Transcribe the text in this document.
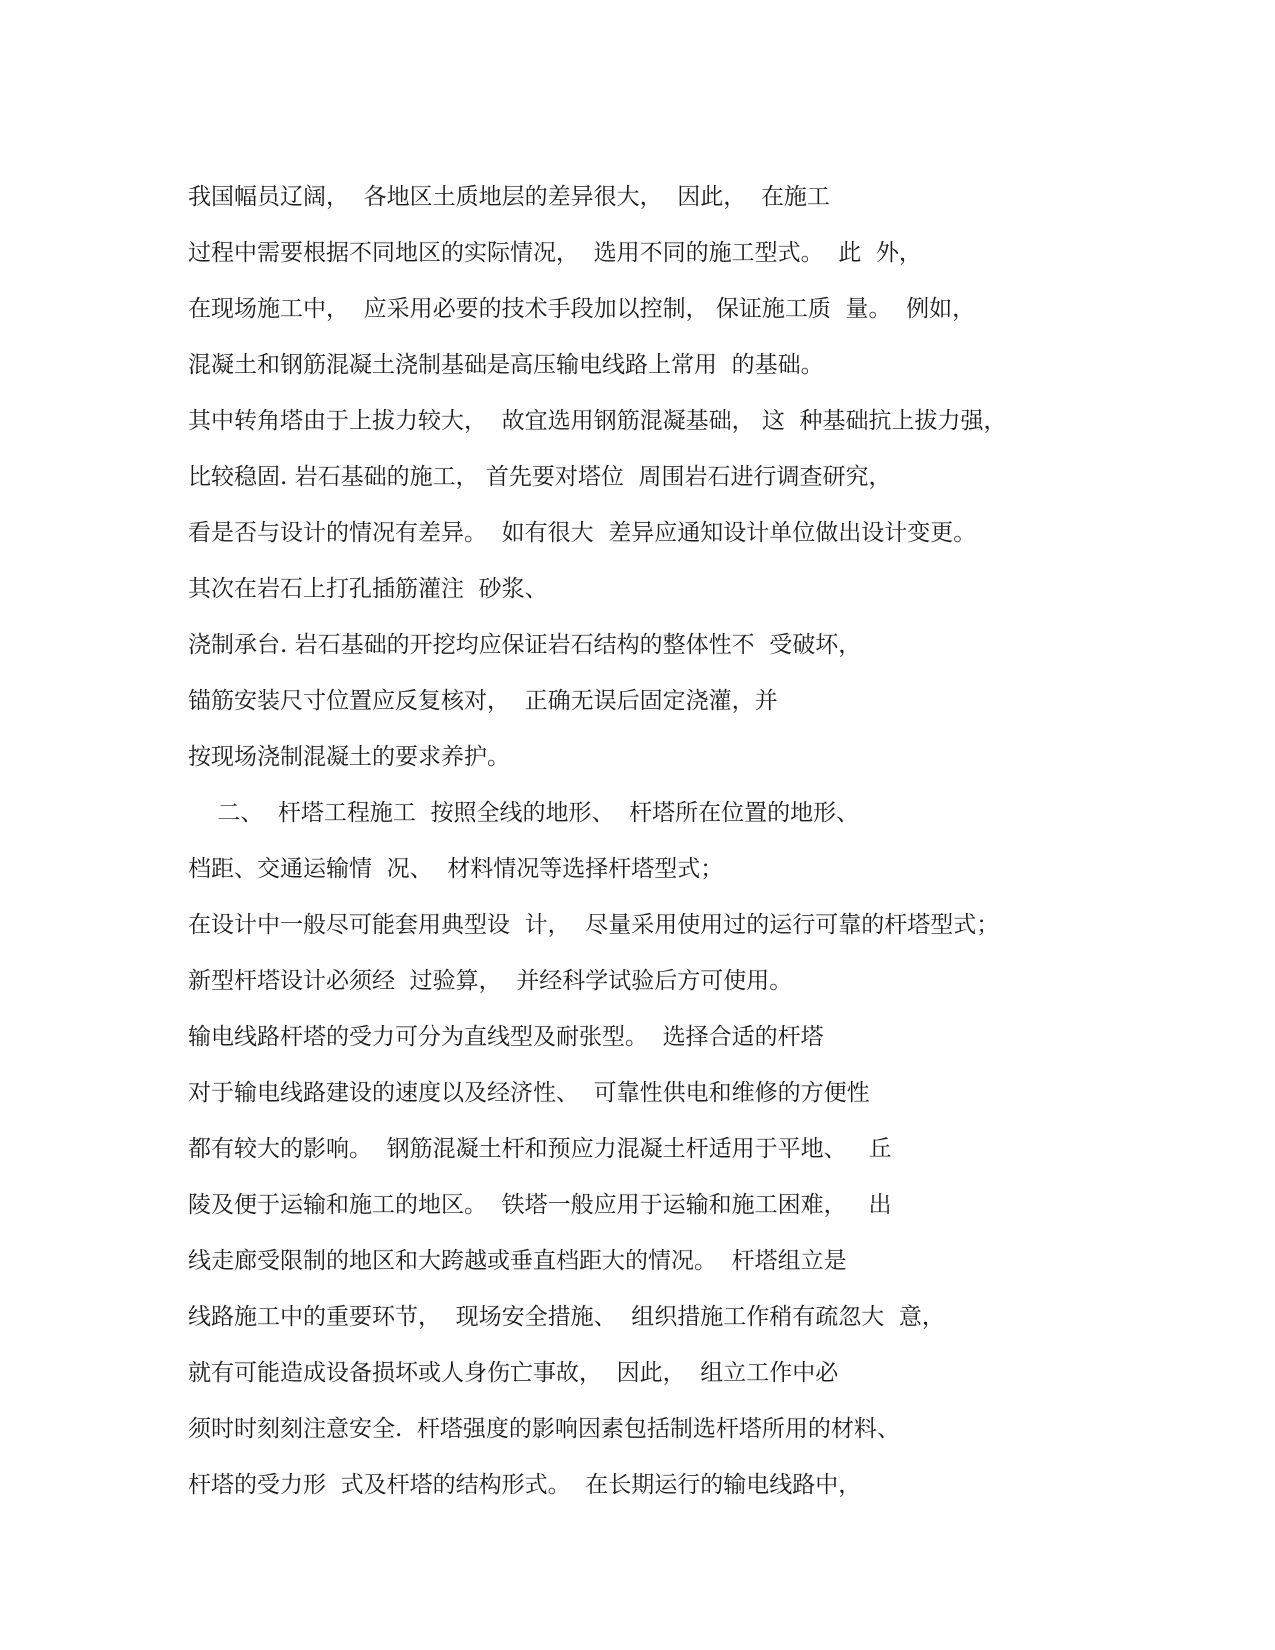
我国幅员辽阔，  各地区土质地层的差异很大，  因此，  在施工
过程中需要根据不同地区的实际情况，  选用不同的施工型式。  此  外，
在现场施工中，  应采用必要的技术手段加以控制， 保证施工质  量。  例如，
混凝土和钢筋混凝土浇制基础是高压输电线路上常用  的基础。
其中转角塔由于上拔力较大，  故宜选用钢筋混凝基础， 这  种基础抗上拔力强，
比较稳固. 岩石基础的施工， 首先要对塔位  周围岩石进行调查研究，
看是否与设计的情况有差异。  如有很大  差异应通知设计单位做出设计变更。
其次在岩石上打孔插筋灌注  砂浆、
浇制承台. 岩石基础的开挖均应保证岩石结构的整体性不  受破坏，
锚筋安装尺寸位置应反复核对，  正确无误后固定浇灌，并
按现场浇制混凝土的要求养护。
二、  杆塔工程施工  按照全线的地形、  杆塔所在位置的地形、
档距、交通运输情  况、  材料情况等选择杆塔型式；
在设计中一般尽可能套用典型设  计，  尽量采用使用过的运行可靠的杆塔型式；
新型杆塔设计必须经  过验算，  并经科学试验后方可使用。
输电线路杆塔的受力可分为直线型及耐张型。  选择合适的杆塔
对于输电线路建设的速度以及经济性、  可靠性供电和维修的方便性
都有较大的影响。  钢筋混凝土杆和预应力混凝土杆适用于平地、   丘
陵及便于运输和施工的地区。  铁塔一般应用于运输和施工困难，   出
线走廊受限制的地区和大跨越或垂直档距大的情况。  杆塔组立是
线路施工中的重要环节，  现场安全措施、  组织措施工作稍有疏忽大  意，
就有可能造成设备损坏或人身伤亡事故，  因此，  组立工作中必
须时时刻刻注意安全.  杆塔强度的影响因素包括制选杆塔所用的材料、
杆塔的受力形  式及杆塔的结构形式。  在长期运行的输电线路中，
